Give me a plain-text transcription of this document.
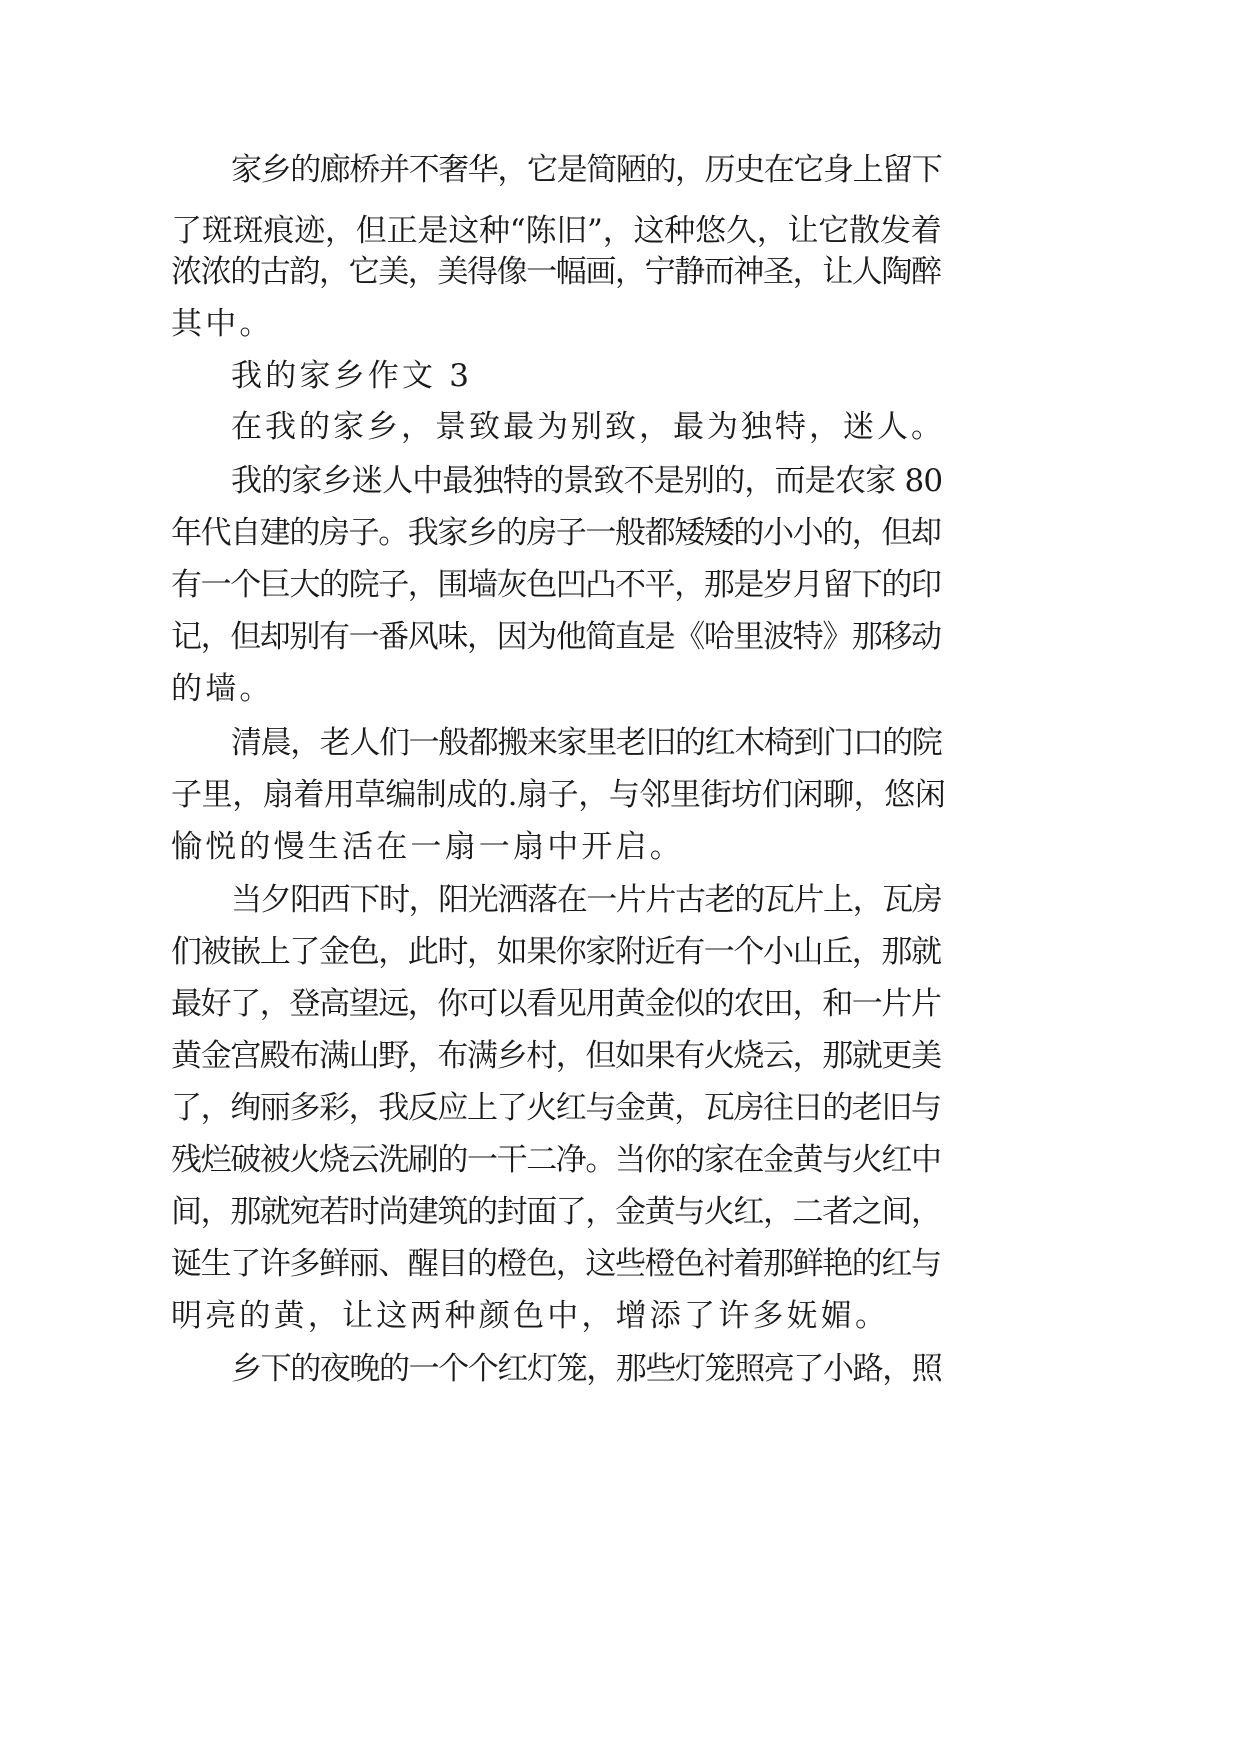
家乡的廊桥并不奢华，它是简陋的，历史在它身上留下
了斑斑痕迹，但正是这种“陈旧”，这种悠久，让它散发着
浓浓的古韵，它美，美得像一幅画，宁静而神圣，让人陶醉
其中。
我的家乡作文 3
在我的家乡，景致最为别致，最为独特，迷人。
我的家乡迷人中最独特的景致不是别的，而是农家 80
年代自建的房子。我家乡的房子一般都矮矮的小小的，但却
有一个巨大的院子，围墙灰色凹凸不平，那是岁月留下的印
记，但却别有一番风味，因为他简直是《哈里波特》那移动
的墙。
清晨，老人们一般都搬来家里老旧的红木椅到门口的院
子里，扇着用草编制成的.扇子，与邻里街坊们闲聊，悠闲
愉悦的慢生活在一扇一扇中开启。
当夕阳西下时，阳光洒落在一片片古老的瓦片上，瓦房
们被嵌上了金色，此时，如果你家附近有一个小山丘，那就
最好了，登高望远，你可以看见用黄金似的农田，和一片片
黄金宫殿布满山野，布满乡村，但如果有火烧云，那就更美
了，绚丽多彩，我反应上了火红与金黄，瓦房往日的老旧与
残烂破被火烧云洗刷的一干二净。当你的家在金黄与火红中
间，那就宛若时尚建筑的封面了，金黄与火红，二者之间，
诞生了许多鲜丽、醒目的橙色，这些橙色衬着那鲜艳的红与
明亮的黄，让这两种颜色中，增添了许多妩媚。
乡下的夜晚的一个个红灯笼，那些灯笼照亮了小路，照
